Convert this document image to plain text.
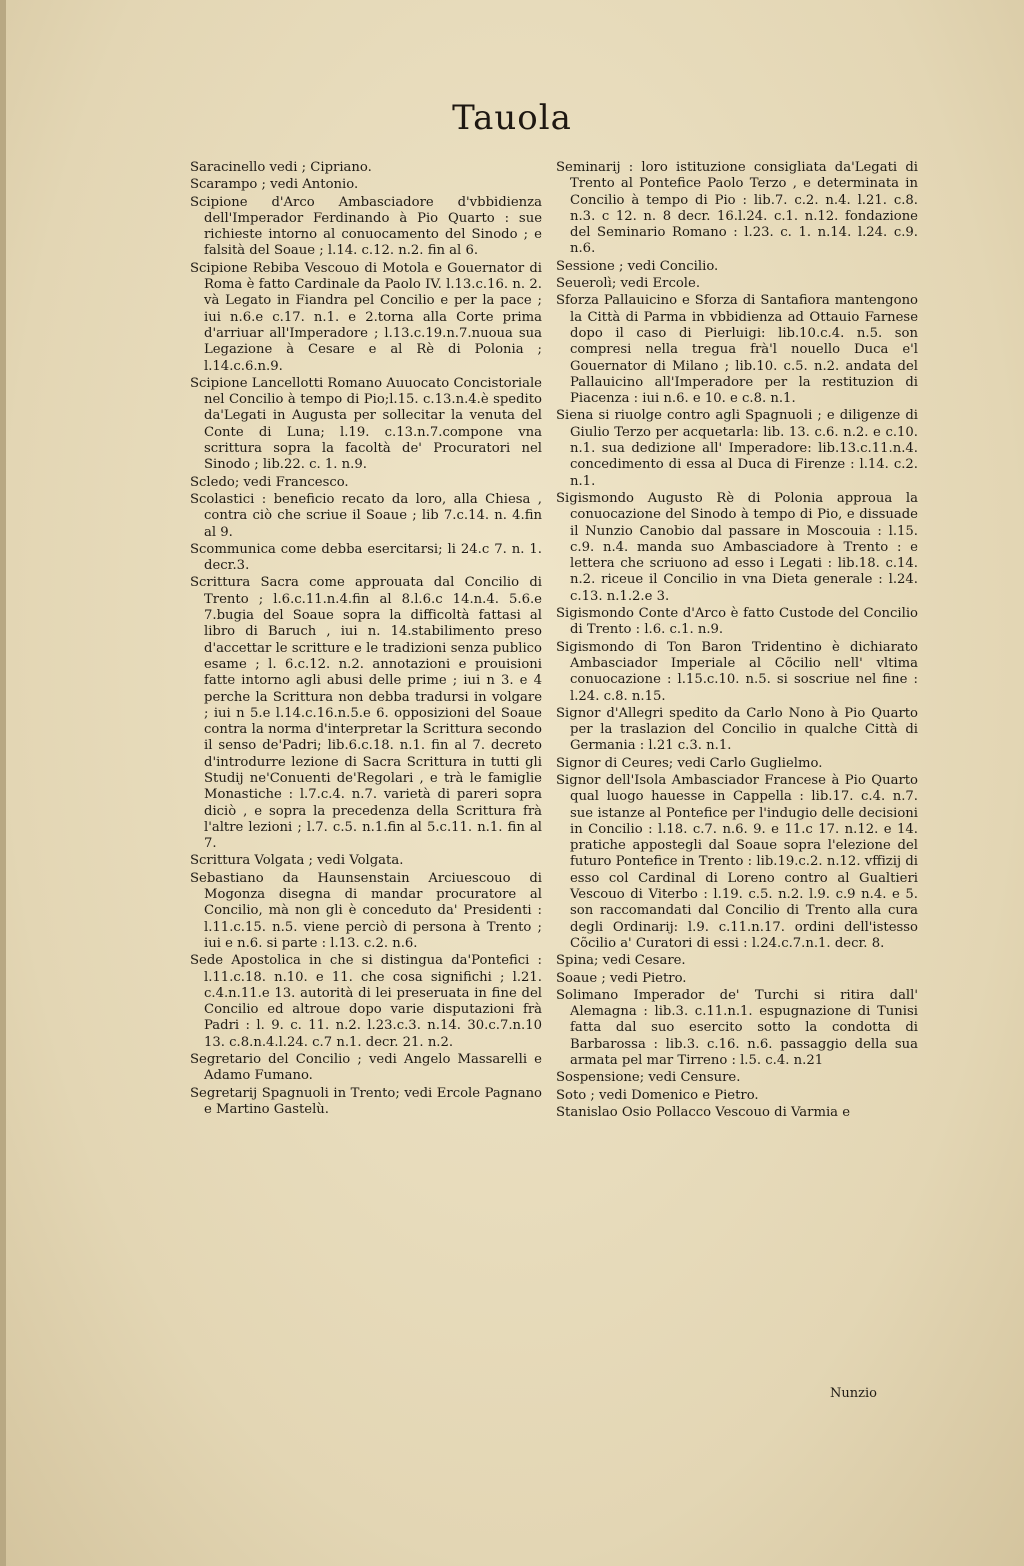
Tauola

Saracinello vedi ; Cipriano.

Scarampo ; vedi Antonio.

Scipione d'Arco Ambasciadore d'vbbidienza dell'Imperador Ferdinando à Pio Quarto : sue richieste intorno al conuocamento del Sinodo ; e falsità del Soaue ; l.14. c.12. n.2. fin al 6.

Scipione Rebiba Vescouo di Motola e Gouernator di Roma è fatto Cardinale da Paolo IV. l.13.c.16. n. 2. và Legato in Fiandra pel Concilio e per la pace ; iui n.6.e c.17. n.1. e 2.torna alla Corte prima d'arriuar all'Imperadore ; l.13.c.19.n.7.nuoua sua Legazione à Cesare e al Rè di Polonia ; l.14.c.6.n.9.

Scipione Lancellotti Romano Auuocato Concistoriale nel Concilio à tempo di Pio;l.15. c.13.n.4.è spedito da'Legati in Augusta per sollecitar la venuta del Conte di Luna; l.19. c.13.n.7.compone vna scrittura sopra la facoltà de' Procuratori nel Sinodo ; lib.22. c. 1. n.9.

Scledo; vedi Francesco.

Scolastici : beneficio recato da loro, alla Chiesa , contra ciò che scriue il Soaue ; lib 7.c.14. n. 4.fin al 9.

Scommunica come debba esercitarsi; li 24.c 7. n. 1. decr.3.

Scrittura Sacra come approuata dal Concilio di Trento ; l.6.c.11.n.4.fin al 8.l.6.c 14.n.4. 5.6.e 7.bugia del Soaue sopra la difficoltà fattasi al libro di Baruch , iui n. 14.stabilimento preso d'accettar le scritture e le tradizioni senza publico esame ; l. 6.c.12. n.2. annotazioni e prouisioni fatte intorno agli abusi delle prime ; iui n 3. e 4 perche la Scrittura non debba tradursi in volgare ; iui n 5.e l.14.c.16.n.5.e 6. opposizioni del Soaue contra la norma d'interpretar la Scrittura secondo il senso de'Padri; lib.6.c.18. n.1. fin al 7. decreto d'introdurre lezione di Sacra Scrittura in tutti gli Studij ne'Conuenti de'Regolari , e trà le famiglie Monastiche : l.7.c.4. n.7. varietà di pareri sopra diciò , e sopra la precedenza della Scrittura frà l'altre lezioni ; l.7. c.5. n.1.fin al 5.c.11. n.1. fin al 7.

Scrittura Volgata ; vedi Volgata.

Sebastiano da Haunsenstain Arciuescouo di Mogonza disegna di mandar procuratore al Concilio, mà non gli è conceduto da' Presidenti : l.11.c.15. n.5. viene perciò di persona à Trento ; iui e n.6. si parte : l.13. c.2. n.6.

Sede Apostolica in che si distingua da'Pontefici : l.11.c.18. n.10. e 11. che cosa significhi ; l.21. c.4.n.11.e 13. autorità di lei preseruata in fine del Concilio ed altroue dopo varie disputazioni frà Padri : l. 9. c. 11. n.2. l.23.c.3. n.14. 30.c.7.n.10 13. c.8.n.4.l.24. c.7 n.1. decr. 21. n.2.

Segretario del Concilio ; vedi Angelo Massarelli e Adamo Fumano.

Segretarij Spagnuoli in Trento; vedi Ercole Pagnano e Martino Gastelù.

Seminarij : loro istituzione consigliata da'Legati di Trento al Pontefice Paolo Terzo , e determinata in Concilio à tempo di Pio : lib.7. c.2. n.4. l.21. c.8. n.3. c 12. n. 8 decr. 16.l.24. c.1. n.12. fondazione del Seminario Romano : l.23. c. 1. n.14. l.24. c.9. n.6.

Sessione ; vedi Concilio.

Seuerolì; vedi Ercole.

Sforza Pallauicino e Sforza di Santafiora mantengono la Città di Parma in vbbidienza ad Ottauio Farnese dopo il caso di Pierluigi: lib.10.c.4. n.5. son compresi nella tregua frà'l nouello Duca e'l Gouernator di Milano ; lib.10. c.5. n.2. andata del Pallauicino all'Imperadore per la restituzion di Piacenza : iui n.6. e 10. e c.8. n.1.

Siena si riuolge contro agli Spagnuoli ; e diligenze di Giulio Terzo per acquetarla: lib. 13. c.6. n.2. e c.10. n.1. sua dedizione all' Imperadore: lib.13.c.11.n.4. concedimento di essa al Duca di Firenze : l.14. c.2. n.1.

Sigismondo Augusto Rè di Polonia approua la conuocazione del Sinodo à tempo di Pio, e dissuade il Nunzio Canobio dal passare in Moscouia : l.15. c.9. n.4. manda suo Ambasciadore à Trento : e lettera che scriuono ad esso i Legati : lib.18. c.14. n.2. riceue il Concilio in vna Dieta generale : l.24. c.13. n.1.2.e 3.

Sigismondo Conte d'Arco è fatto Custode del Concilio di Trento : l.6. c.1. n.9.

Sigismondo di Ton Baron Tridentino è dichiarato Ambasciador Imperiale al Cõcilio nell' vltima conuocazione : l.15.c.10. n.5. si soscriue nel fine : l.24. c.8. n.15.

Signor d'Allegri spedito da Carlo Nono à Pio Quarto per la traslazion del Concilio in qualche Città di Germania : l.21 c.3. n.1.

Signor di Ceures; vedi Carlo Guglielmo.

Signor dell'Isola Ambasciador Francese à Pio Quarto qual luogo hauesse in Cappella : lib.17. c.4. n.7. sue istanze al Pontefice per l'indugio delle decisioni in Concilio : l.18. c.7. n.6. 9. e 11.c 17. n.12. e 14. pratiche appostegli dal Soaue sopra l'elezione del futuro Pontefice in Trento : lib.19.c.2. n.12. vffizij di esso col Cardinal di Loreno contro al Gualtieri Vescouo di Viterbo : l.19. c.5. n.2. l.9. c.9 n.4. e 5. son raccomandati dal Concilio di Trento alla cura degli Ordinarij: l.9. c.11.n.17. ordini dell'istesso Cõcilio a' Curatori di essi : l.24.c.7.n.1. decr. 8.

Spina; vedi Cesare.

Soaue ; vedi Pietro.

Solimano Imperador de' Turchi si ritira dall' Alemagna : lib.3. c.11.n.1. espugnazione di Tunisi fatta dal suo esercito sotto la condotta di Barbarossa : lib.3. c.16. n.6. passaggio della sua armata pel mar Tirreno : l.5. c.4. n.21

Sospensione; vedi Censure.

Soto ; vedi Domenico e Pietro.

Stanislao Osio Pollacco Vescouo di Varmia e

Nunzio
